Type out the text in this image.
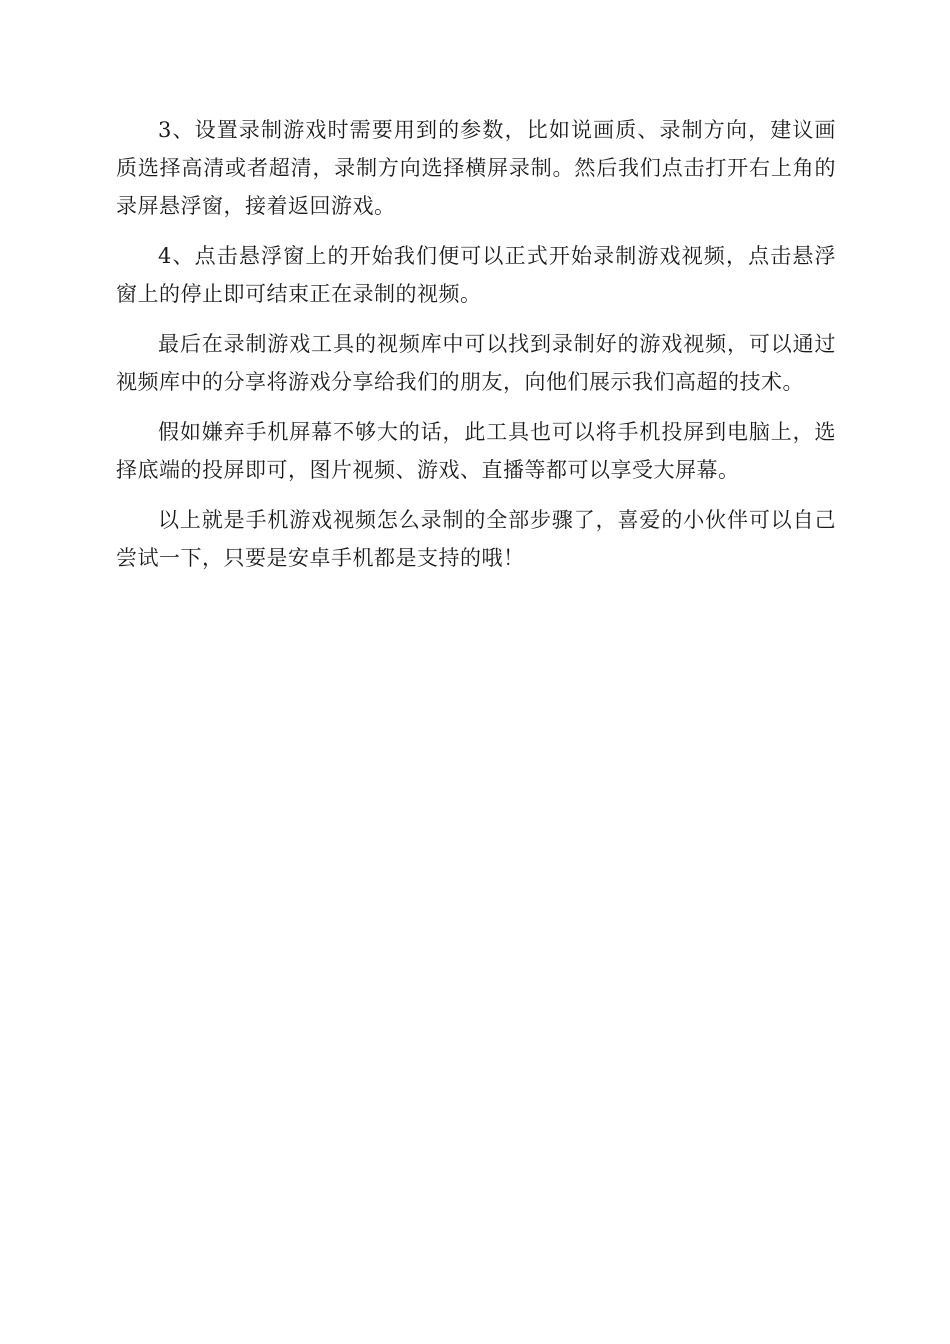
3、设置录制游戏时需要用到的参数，比如说画质、录制方向，建议画质选择高清或者超清，录制方向选择横屏录制。然后我们点击打开右上角的录屏悬浮窗，接着返回游戏。

4、点击悬浮窗上的开始我们便可以正式开始录制游戏视频，点击悬浮窗上的停止即可结束正在录制的视频。

最后在录制游戏工具的视频库中可以找到录制好的游戏视频，可以通过视频库中的分享将游戏分享给我们的朋友，向他们展示我们高超的技术。

假如嫌弃手机屏幕不够大的话，此工具也可以将手机投屏到电脑上，选择底端的投屏即可，图片视频、游戏、直播等都可以享受大屏幕。

以上就是手机游戏视频怎么录制的全部步骤了，喜爱的小伙伴可以自己尝试一下，只要是安卓手机都是支持的哦！
